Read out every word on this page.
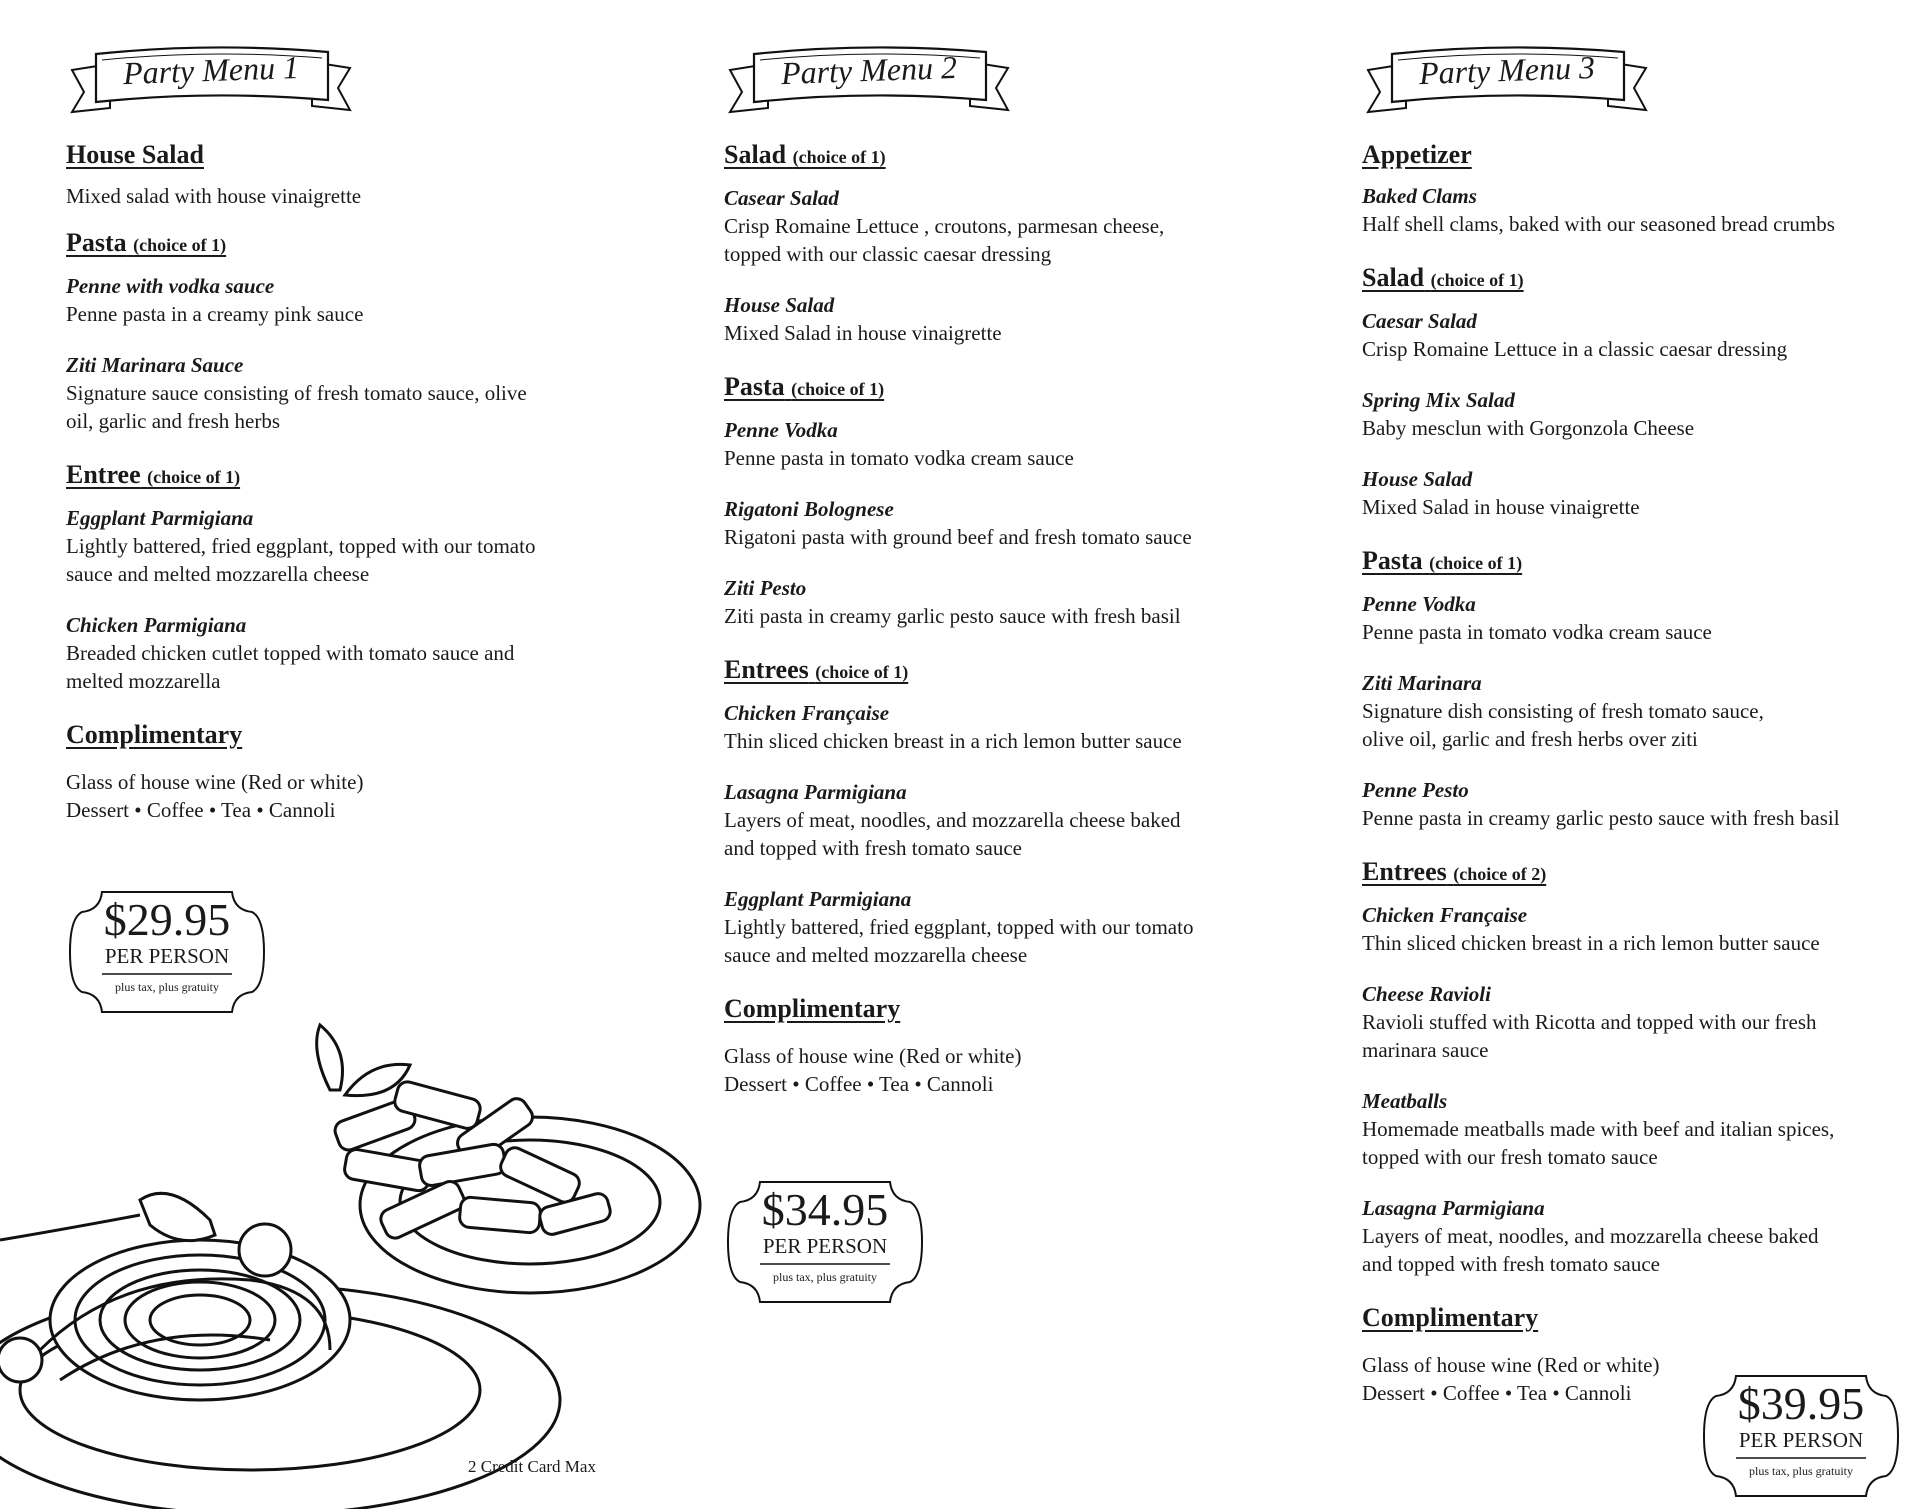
Party Menu 1
House Salad
Mixed salad with house vinaigrette
Pasta (choice of 1)
Penne with vodka sauce
Penne pasta in a creamy pink sauce
Ziti Marinara Sauce
Signature sauce consisting of fresh tomato sauce, olive
oil, garlic and fresh herbs
Entree (choice of 1)
Eggplant Parmigiana
Lightly battered, fried eggplant, topped with our tomato
sauce and melted mozzarella cheese
Chicken Parmigiana
Breaded chicken cutlet topped with tomato sauce and
melted mozzarella
Complimentary
Glass of house wine (Red or white)
Dessert • Coffee • Tea • Cannoli
$29.95
PER PERSON
plus tax, plus gratuity
Party Menu 2
Salad (choice of 1)
Casear Salad
Crisp Romaine Lettuce , croutons, parmesan cheese,
topped with our classic caesar dressing
House Salad
Mixed Salad in house vinaigrette
Pasta (choice of 1)
Penne Vodka
Penne pasta in tomato vodka cream sauce
Rigatoni Bolognese
Rigatoni pasta with ground beef and fresh tomato sauce
Ziti Pesto
Ziti pasta in creamy garlic pesto sauce with fresh basil
Entrees (choice of 1)
Chicken Française
Thin sliced chicken breast in a rich lemon butter sauce
Lasagna Parmigiana
Layers of meat, noodles, and mozzarella cheese baked
and topped with fresh tomato sauce
Eggplant Parmigiana
Lightly battered, fried eggplant, topped with our tomato
sauce and melted mozzarella cheese
Complimentary
Glass of house wine (Red or white)
Dessert • Coffee • Tea • Cannoli
$34.95
PER PERSON
plus tax, plus gratuity
Party Menu 3
Appetizer
Baked Clams
Half shell clams, baked with our seasoned bread crumbs
Salad (choice of 1)
Caesar Salad
Crisp Romaine Lettuce in a classic caesar dressing
Spring Mix Salad
Baby mesclun with Gorgonzola Cheese
House Salad
Mixed Salad in house vinaigrette
Pasta (choice of 1)
Penne Vodka
Penne pasta in tomato vodka cream sauce
Ziti Marinara
Signature dish consisting of fresh tomato sauce,
olive oil, garlic and fresh herbs over ziti
Penne Pesto
Penne pasta in creamy garlic pesto sauce with fresh basil
Entrees (choice of 2)
Chicken Française
Thin sliced chicken breast in a rich lemon butter sauce
Cheese Ravioli
Ravioli stuffed with Ricotta and topped with our fresh
marinara sauce
Meatballs
Homemade meatballs made with beef and italian spices,
topped with our fresh tomato sauce
Lasagna Parmigiana
Layers of meat, noodles, and mozzarella cheese baked
and topped with fresh tomato sauce
Complimentary
Glass of house wine (Red or white)
Dessert • Coffee • Tea • Cannoli	$39.95
PER PERSON
plus tax, plus gratuity
2 Credit Card Max
